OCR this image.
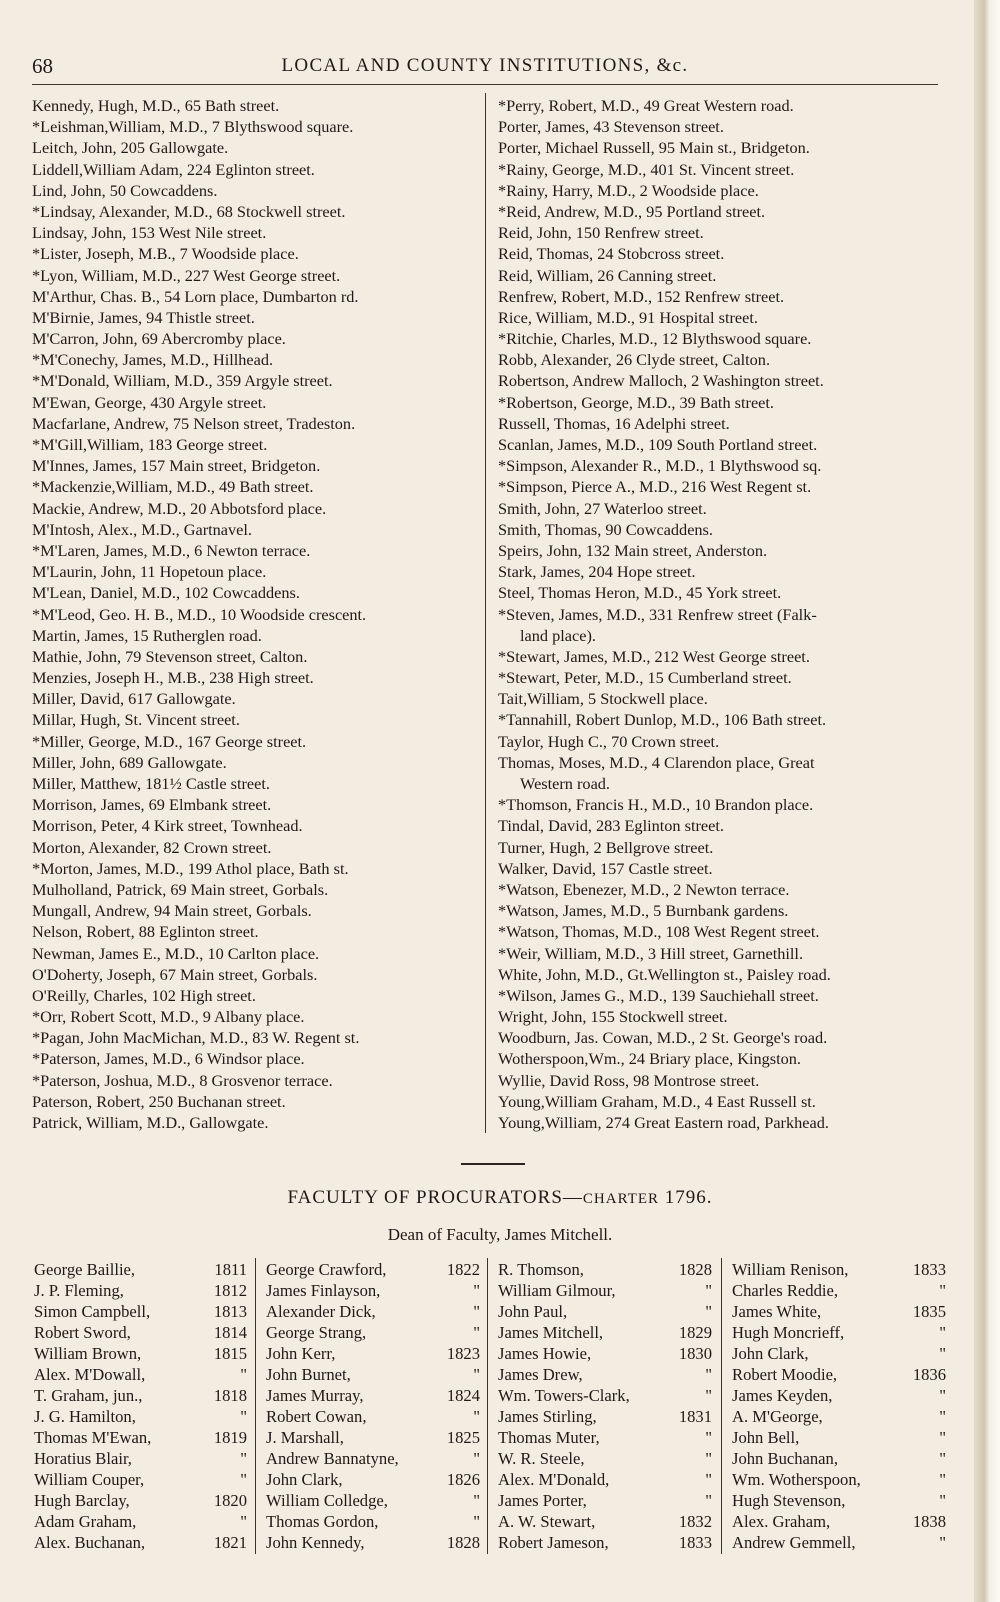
68	LOCAL AND COUNTY INSTITUTIONS, &c.
Kennedy, Hugh, M.D., 65 Bath street.
*Leishman,William, M.D., 7 Blythswood square.
Leitch, John, 205 Gallowgate.
Liddell,William Adam, 224 Eglinton street.
Lind, John, 50 Cowcaddens.
*Lindsay, Alexander, M.D., 68 Stockwell street.
Lindsay, John, 153 West Nile street.
*Lister, Joseph, M.B., 7 Woodside place.
*Lyon, William, M.D., 227 West George street.
M'Arthur, Chas. B., 54 Lorn place, Dumbarton rd.
M'Birnie, James, 94 Thistle street.
M'Carron, John, 69 Abercromby place.
*M'Conechy, James, M.D., Hillhead.
*M'Donald, William, M.D., 359 Argyle street.
M'Ewan, George, 430 Argyle street.
Macfarlane, Andrew, 75 Nelson street, Tradeston.
*M'Gill,William, 183 George street.
M'Innes, James, 157 Main street, Bridgeton.
*Mackenzie,William, M.D., 49 Bath street.
Mackie, Andrew, M.D., 20 Abbotsford place.
M'Intosh, Alex., M.D., Gartnavel.
*M'Laren, James, M.D., 6 Newton terrace.
M'Laurin, John, 11 Hopetoun place.
M'Lean, Daniel, M.D., 102 Cowcaddens.
*M'Leod, Geo. H. B., M.D., 10 Woodside crescent.
Martin, James, 15 Rutherglen road.
Mathie, John, 79 Stevenson street, Calton.
Menzies, Joseph H., M.B., 238 High street.
Miller, David, 617 Gallowgate.
Millar, Hugh, St. Vincent street.
*Miller, George, M.D., 167 George street.
Miller, John, 689 Gallowgate.
Miller, Matthew, 181½ Castle street.
Morrison, James, 69 Elmbank street.
Morrison, Peter, 4 Kirk street, Townhead.
Morton, Alexander, 82 Crown street.
*Morton, James, M.D., 199 Athol place, Bath st.
Mulholland, Patrick, 69 Main street, Gorbals.
Mungall, Andrew, 94 Main street, Gorbals.
Nelson, Robert, 88 Eglinton street.
Newman, James E., M.D., 10 Carlton place.
O'Doherty, Joseph, 67 Main street, Gorbals.
O'Reilly, Charles, 102 High street.
*Orr, Robert Scott, M.D., 9 Albany place.
*Pagan, John MacMichan, M.D., 83 W. Regent st.
*Paterson, James, M.D., 6 Windsor place.
*Paterson, Joshua, M.D., 8 Grosvenor terrace.
Paterson, Robert, 250 Buchanan street.
Patrick, William, M.D., Gallowgate.
*Perry, Robert, M.D., 49 Great Western road.
Porter, James, 43 Stevenson street.
Porter, Michael Russell, 95 Main st., Bridgeton.
*Rainy, George, M.D., 401 St. Vincent street.
*Rainy, Harry, M.D., 2 Woodside place.
*Reid, Andrew, M.D., 95 Portland street.
Reid, John, 150 Renfrew street.
Reid, Thomas, 24 Stobcross street.
Reid, William, 26 Canning street.
Renfrew, Robert, M.D., 152 Renfrew street.
Rice, William, M.D., 91 Hospital street.
*Ritchie, Charles, M.D., 12 Blythswood square.
Robb, Alexander, 26 Clyde street, Calton.
Robertson, Andrew Malloch, 2 Washington street.
*Robertson, George, M.D., 39 Bath street.
Russell, Thomas, 16 Adelphi street.
Scanlan, James, M.D., 109 South Portland street.
*Simpson, Alexander R., M.D., 1 Blythswood sq.
*Simpson, Pierce A., M.D., 216 West Regent st.
Smith, John, 27 Waterloo street.
Smith, Thomas, 90 Cowcaddens.
Speirs, John, 132 Main street, Anderston.
Stark, James, 204 Hope street.
Steel, Thomas Heron, M.D., 45 York street.
*Steven, James, M.D., 331 Renfrew street (Falk-
land place).
*Stewart, James, M.D., 212 West George street.
*Stewart, Peter, M.D., 15 Cumberland street.
Tait,William, 5 Stockwell place.
*Tannahill, Robert Dunlop, M.D., 106 Bath street.
Taylor, Hugh C., 70 Crown street.
Thomas, Moses, M.D., 4 Clarendon place, Great
Western road.
*Thomson, Francis H., M.D., 10 Brandon place.
Tindal, David, 283 Eglinton street.
Turner, Hugh, 2 Bellgrove street.
Walker, David, 157 Castle street.
*Watson, Ebenezer, M.D., 2 Newton terrace.
*Watson, James, M.D., 5 Burnbank gardens.
*Watson, Thomas, M.D., 108 West Regent street.
*Weir, William, M.D., 3 Hill street, Garnethill.
White, John, M.D., Gt.Wellington st., Paisley road.
*Wilson, James G., M.D., 139 Sauchiehall street.
Wright, John, 155 Stockwell street.
Woodburn, Jas. Cowan, M.D., 2 St. George's road.
Wotherspoon,Wm., 24 Briary place, Kingston.
Wyllie, David Ross, 98 Montrose street.
Young,William Graham, M.D., 4 East Russell st.
Young,William, 274 Great Eastern road, Parkhead.
FACULTY OF PROCURATORS—CHARTER 1796.
Dean of Faculty, James Mitchell.
George Baillie,	1811
J. P. Fleming,	1812
Simon Campbell,	1813
Robert Sword,	1814
William Brown,	1815
Alex. M'Dowall,	"
T. Graham, jun.,	1818
J. G. Hamilton,	"
Thomas M'Ewan,	1819
Horatius Blair,	"
William Couper,	"
Hugh Barclay,	1820
Adam Graham,	"
Alex. Buchanan,	1821
George Crawford,	1822
James Finlayson,	"
Alexander Dick,	"
George Strang,	"
John Kerr,	1823
John Burnet,	"
James Murray,	1824
Robert Cowan,	"
J. Marshall,	1825
Andrew Bannatyne,	"
John Clark,	1826
William Colledge,	"
Thomas Gordon,	"
John Kennedy,	1828
R. Thomson,	1828
William Gilmour,	"
John Paul,	"
James Mitchell,	1829
James Howie,	1830
James Drew,	"
Wm. Towers-Clark,	"
James Stirling,	1831
Thomas Muter,	"
W. R. Steele,	"
Alex. M'Donald,	"
James Porter,	"
A. W. Stewart,	1832
Robert Jameson,	1833
William Renison,	1833
Charles Reddie,	"
James White,	1835
Hugh Moncrieff,	"
John Clark,	"
Robert Moodie,	1836
James Keyden,	"
A. M'George,	"
John Bell,	"
John Buchanan,	"
Wm. Wotherspoon,	"
Hugh Stevenson,	"
Alex. Graham,	1838
Andrew Gemmell,	"
